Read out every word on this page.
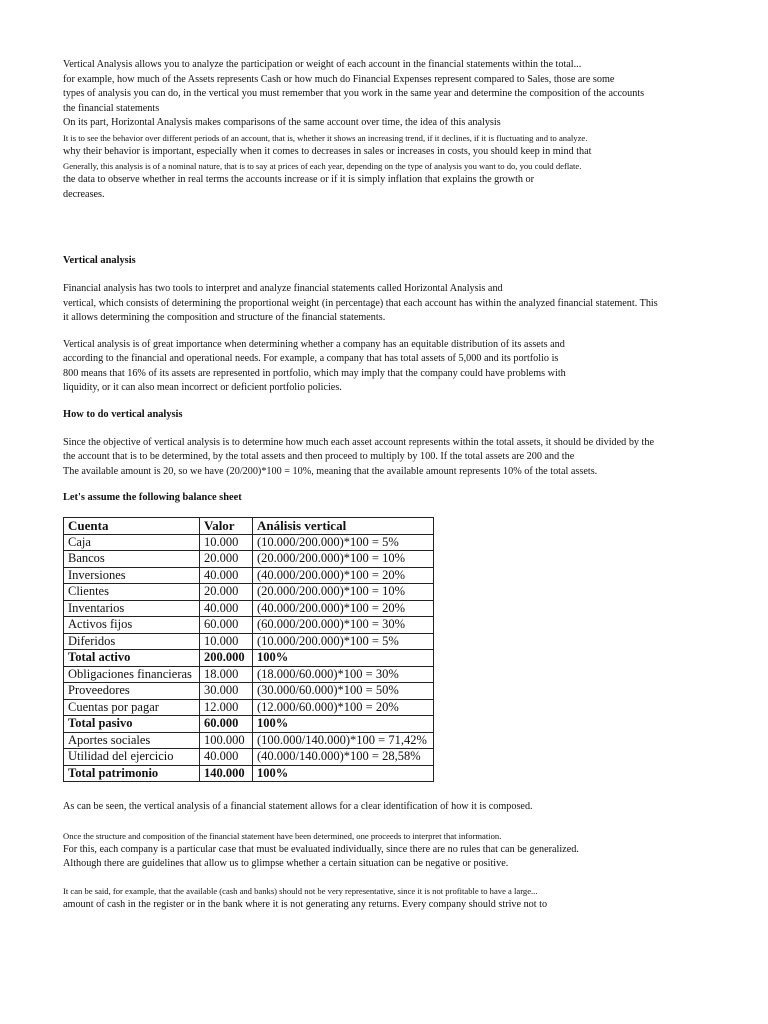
Vertical Analysis allows you to analyze the participation or weight of each account in the financial statements within the total...
for example, how much of the Assets represents Cash or how much do Financial Expenses represent compared to Sales, those are some
types of analysis you can do, in the vertical you must remember that you work in the same year and determine the composition of the accounts
the financial statements
On its part, Horizontal Analysis makes comparisons of the same account over time, the idea of this analysis
It is to see the behavior over different periods of an account, that is, whether it shows an increasing trend, if it declines, if it is fluctuating and to analyze.
why their behavior is important, especially when it comes to decreases in sales or increases in costs, you should keep in mind that
Generally, this analysis is of a nominal nature, that is to say at prices of each year, depending on the type of analysis you want to do, you could deflate.
the data to observe whether in real terms the accounts increase or if it is simply inflation that explains the growth or
decreases.

Vertical analysis

Financial analysis has two tools to interpret and analyze financial statements called Horizontal Analysis and
vertical, which consists of determining the proportional weight (in percentage) that each account has within the analyzed financial statement. This
it allows determining the composition and structure of the financial statements.
Vertical analysis is of great importance when determining whether a company has an equitable distribution of its assets and
according to the financial and operational needs. For example, a company that has total assets of 5,000 and its portfolio is
800 means that 16% of its assets are represented in portfolio, which may imply that the company could have problems with
liquidity, or it can also mean incorrect or deficient portfolio policies.

How to do vertical analysis

Since the objective of vertical analysis is to determine how much each asset account represents within the total assets, it should be divided by the
the account that is to be determined, by the total assets and then proceed to multiply by 100. If the total assets are 200 and the
The available amount is 20, so we have (20/200)*100 = 10%, meaning that the available amount represents 10% of the total assets.

Let's assume the following balance sheet

Cuenta	Valor	Análisis vertical
Caja	10.000	(10.000/200.000)*100 = 5%
Bancos	20.000	(20.000/200.000)*100 = 10%
Inversiones	40.000	(40.000/200.000)*100 = 20%
Clientes	20.000	(20.000/200.000)*100 = 10%
Inventarios	40.000	(40.000/200.000)*100 = 20%
Activos fijos	60.000	(60.000/200.000)*100 = 30%
Diferidos	10.000	(10.000/200.000)*100 = 5%
Total activo	200.000	100%
Obligaciones financieras	18.000	(18.000/60.000)*100 = 30%
Proveedores	30.000	(30.000/60.000)*100 = 50%
Cuentas por pagar	12.000	(12.000/60.000)*100 = 20%
Total pasivo	60.000	100%
Aportes sociales	100.000	(100.000/140.000)*100 = 71,42%
Utilidad del ejercicio	40.000	(40.000/140.000)*100 = 28,58%
Total patrimonio	140.000	100%
As can be seen, the vertical analysis of a financial statement allows for a clear identification of how it is composed.
Once the structure and composition of the financial statement have been determined, one proceeds to interpret that information.
For this, each company is a particular case that must be evaluated individually, since there are no rules that can be generalized.
Although there are guidelines that allow us to glimpse whether a certain situation can be negative or positive.
It can be said, for example, that the available (cash and banks) should not be very representative, since it is not profitable to have a large...
amount of cash in the register or in the bank where it is not generating any returns. Every company should strive not to
